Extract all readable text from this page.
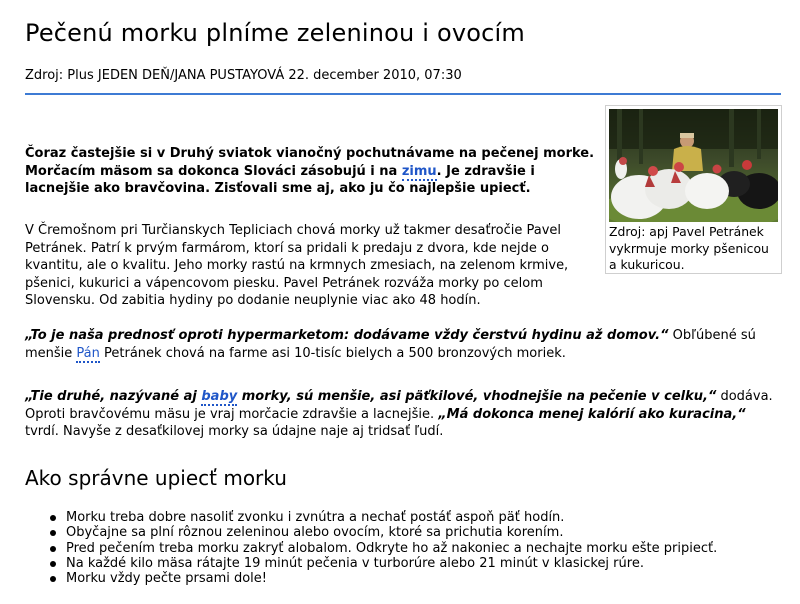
Pečenú morku plníme zeleninou i ovocím
Zdroj: Plus JEDEN DEŇ/JANA PUSTAYOVÁ 22. december 2010, 07:30
Zdroj: apj Pavel Petránek vykrmuje morky pšenicou a kukuricou.
Čoraz častejšie si v Druhý sviatok vianočný pochutnávame na pečenej morke. Morčacím mäsom sa dokonca Slováci zásobujú i na zimu. Je zdravšie i lacnejšie ako bravčovina. Zisťovali sme aj, ako ju čo najlepšie upiecť.
V Čremošnom pri Turčianskych Tepliciach chová morky už takmer desaťročie Pavel Petránek. Patrí k prvým farmárom, ktorí sa pridali k predaju z dvora, kde nejde o kvantitu, ale o kvalitu. Jeho morky rastú na krmnych zmesiach, na zelenom krmive, pšenici, kukurici a vápencovom piesku. Pavel Petránek rozváža morky po celom Slovensku. Od zabitia hydiny po dodanie neuplynie viac ako 48 hodín.
„To je naša prednosť oproti hypermarketom: dodávame vždy čerstvú hydinu až domov.“ Obľúbené sú menšie Pán Petránek chová na farme asi 10-tisíc bielych a 500 bronzových moriek.
„Tie druhé, nazývané aj baby morky, sú menšie, asi päťkilové, vhodnejšie na pečenie v celku,“ dodáva. Oproti bravčovému mäsu je vraj morčacie zdravšie a lacnejšie. „Má dokonca menej kalórií ako kuracina,“ tvrdí. Navyše z desaťkilovej morky sa údajne naje aj tridsať ľudí.
Ako správne upiecť morku
Morku treba dobre nasoliť zvonku i zvnútra a nechať postáť aspoň päť hodín.
Obyčajne sa plní rôznou zeleninou alebo ovocím, ktoré sa prichutia korením.
Pred pečením treba morku zakryť alobalom. Odkryte ho až nakoniec a nechajte morku ešte pripiecť.
Na každé kilo mäsa rátajte 19 minút pečenia v turborúre alebo 21 minút v klasickej rúre.
Morku vždy pečte prsami dole!
